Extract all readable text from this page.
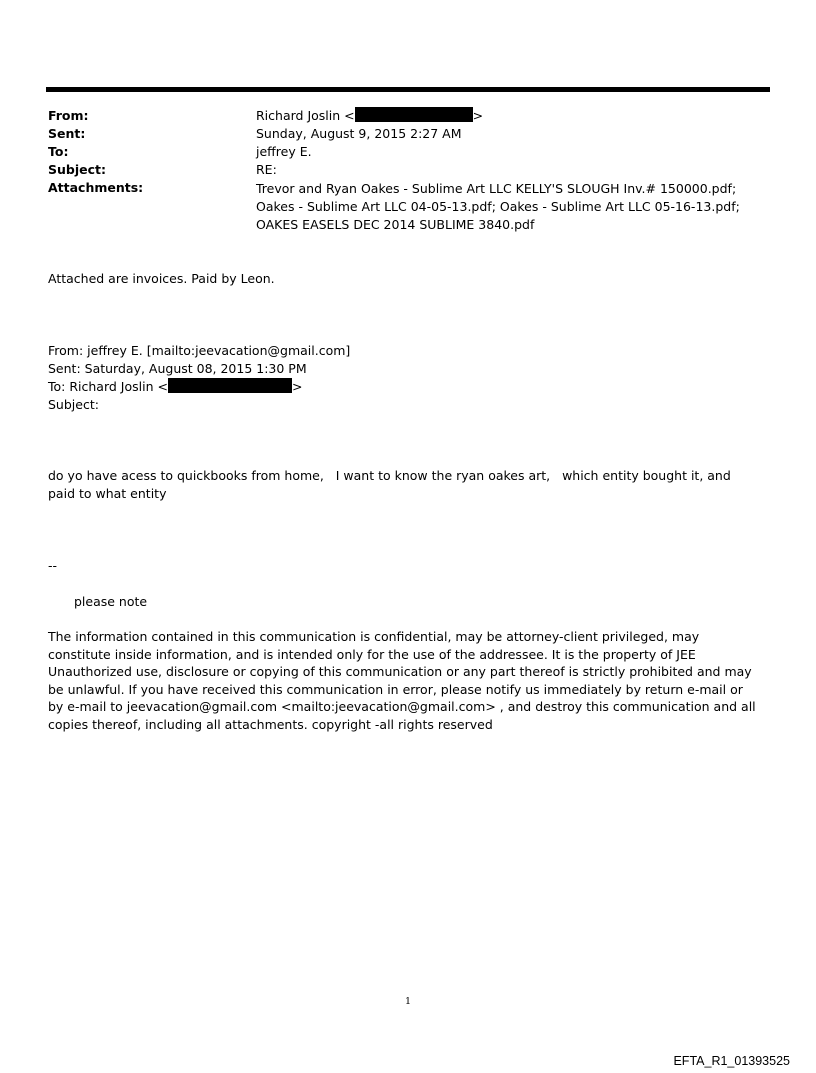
From:
Sent:
To:
Subject:
Attachments:
Richard Joslin <	>
Sunday, August 9, 2015 2:27 AM
jeffrey E.
RE:
Trevor and Ryan Oakes - Sublime Art LLC KELLY'S SLOUGH Inv.# 150000.pdf; Oakes - Sublime Art LLC 04-05-13.pdf; Oakes - Sublime Art LLC 05-16-13.pdf; OAKES EASELS DEC 2014 SUBLIME 3840.pdf
Attached are invoices. Paid by Leon.
From: jeffrey E. [mailto:jeevacation@gmail.com]
Sent: Saturday, August 08, 2015 1:30 PM
To: Richard Joslin <	>
Subject:
do yo have acess to quickbooks from home,   I want to know the ryan oakes art,   which entity bought it, and  paid to what entity
--
please note
The information contained in this communication is confidential, may be attorney-client privileged, may constitute inside information, and is intended only for the use of the addressee. It is the property of JEE Unauthorized use, disclosure or copying of this communication or any part thereof is strictly prohibited and may be unlawful. If you have received this communication in error, please notify us immediately by return e-mail or by e-mail to jeevacation@gmail.com <mailto:jeevacation@gmail.com> , and destroy this communication and all copies thereof, including all attachments. copyright -all rights reserved
1
EFTA_R1_01393525
